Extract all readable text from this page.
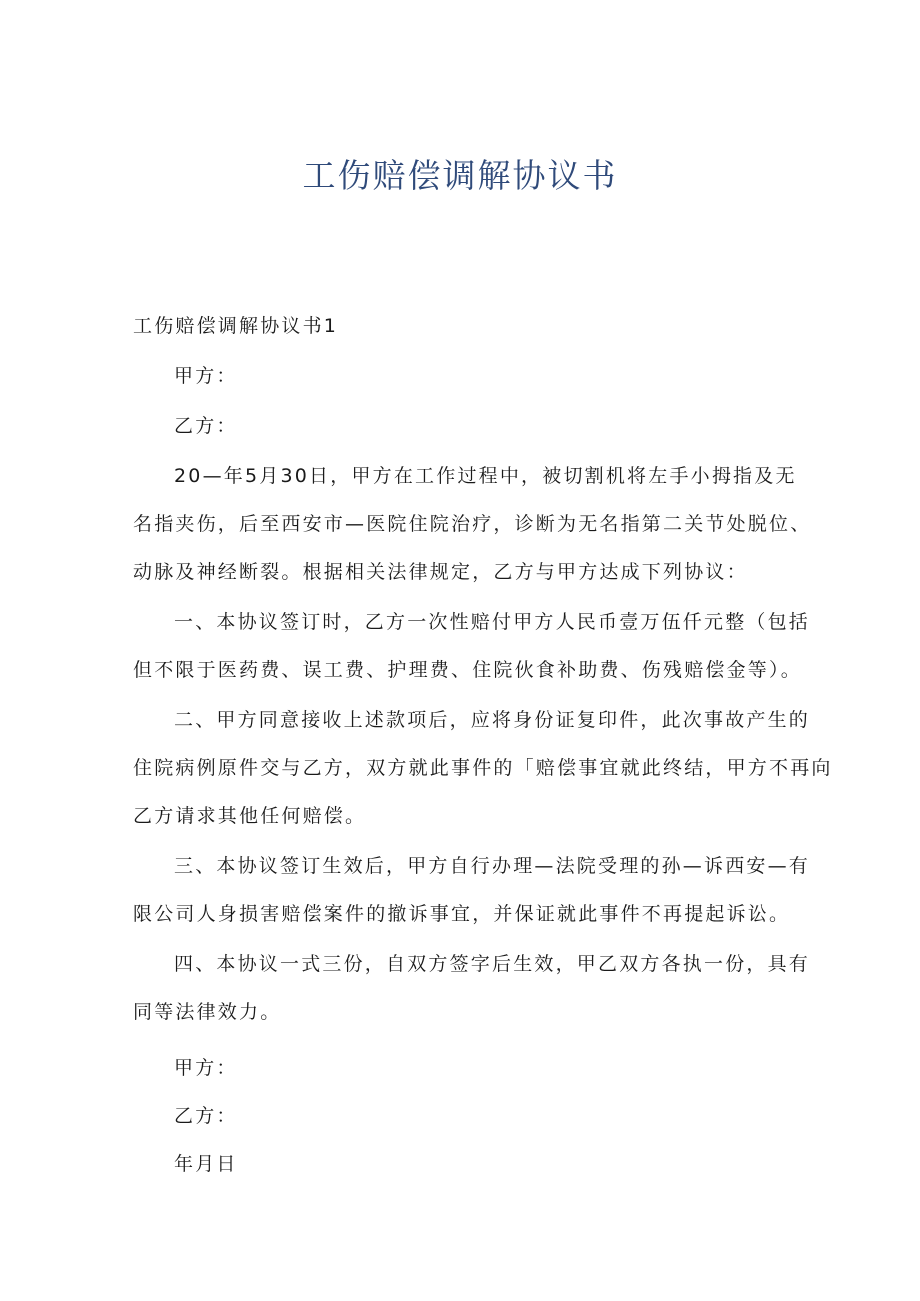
工伤赔偿调解协议书

工伤赔偿调解协议书1

甲方：

乙方：

20—年5月30日，甲方在工作过程中，被切割机将左手小拇指及无

名指夹伤，后至西安市—医院住院治疗，诊断为无名指第二关节处脱位、

动脉及神经断裂。根据相关法律规定，乙方与甲方达成下列协议：

一、本协议签订时，乙方一次性赔付甲方人民币壹万伍仟元整（包括

但不限于医药费、误工费、护理费、住院伙食补助费、伤残赔偿金等）。

二、甲方同意接收上述款项后，应将身份证复印件，此次事故产生的

住院病例原件交与乙方，双方就此事件的「赔偿事宜就此终结，甲方不再向

乙方请求其他任何赔偿。

三、本协议签订生效后，甲方自行办理—法院受理的孙—诉西安—有

限公司人身损害赔偿案件的撤诉事宜，并保证就此事件不再提起诉讼。

四、本协议一式三份，自双方签字后生效，甲乙双方各执一份，具有

同等法律效力。

甲方：

乙方：

年月日
